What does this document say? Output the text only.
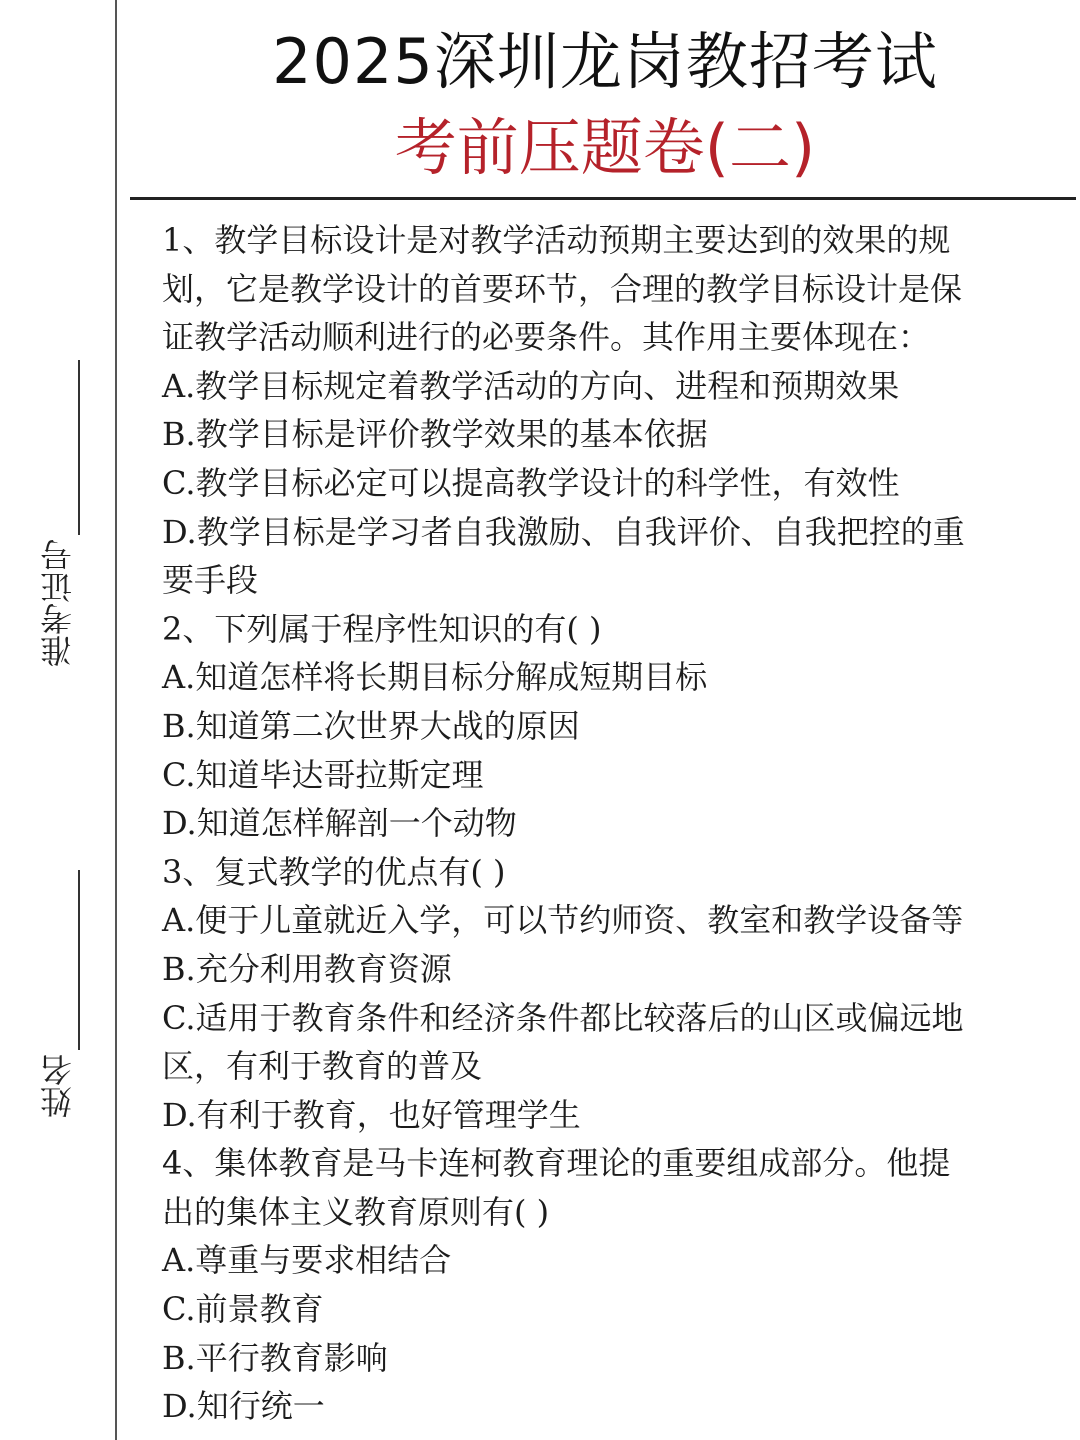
准考证号
姓名
2025深圳龙岗教招考试
考前压题卷(二)
1、教学目标设计是对教学活动预期主要达到的效果的规
划，它是教学设计的首要环节，合理的教学目标设计是保
证教学活动顺利进行的必要条件。其作用主要体现在：
A.教学目标规定着教学活动的方向、进程和预期效果
B.教学目标是评价教学效果的基本依据
C.教学目标必定可以提高教学设计的科学性，有效性
D.教学目标是学习者自我激励、自我评价、自我把控的重
要手段
2、下列属于程序性知识的有( )
A.知道怎样将长期目标分解成短期目标
B.知道第二次世界大战的原因
C.知道毕达哥拉斯定理
D.知道怎样解剖一个动物
3、复式教学的优点有( )
A.便于儿童就近入学，可以节约师资、教室和教学设备等
B.充分利用教育资源
C.适用于教育条件和经济条件都比较落后的山区或偏远地
区，有利于教育的普及
D.有利于教育，也好管理学生
4、集体教育是马卡连柯教育理论的重要组成部分。他提
出的集体主义教育原则有( )
A.尊重与要求相结合
C.前景教育
B.平行教育影响
D.知行统一
